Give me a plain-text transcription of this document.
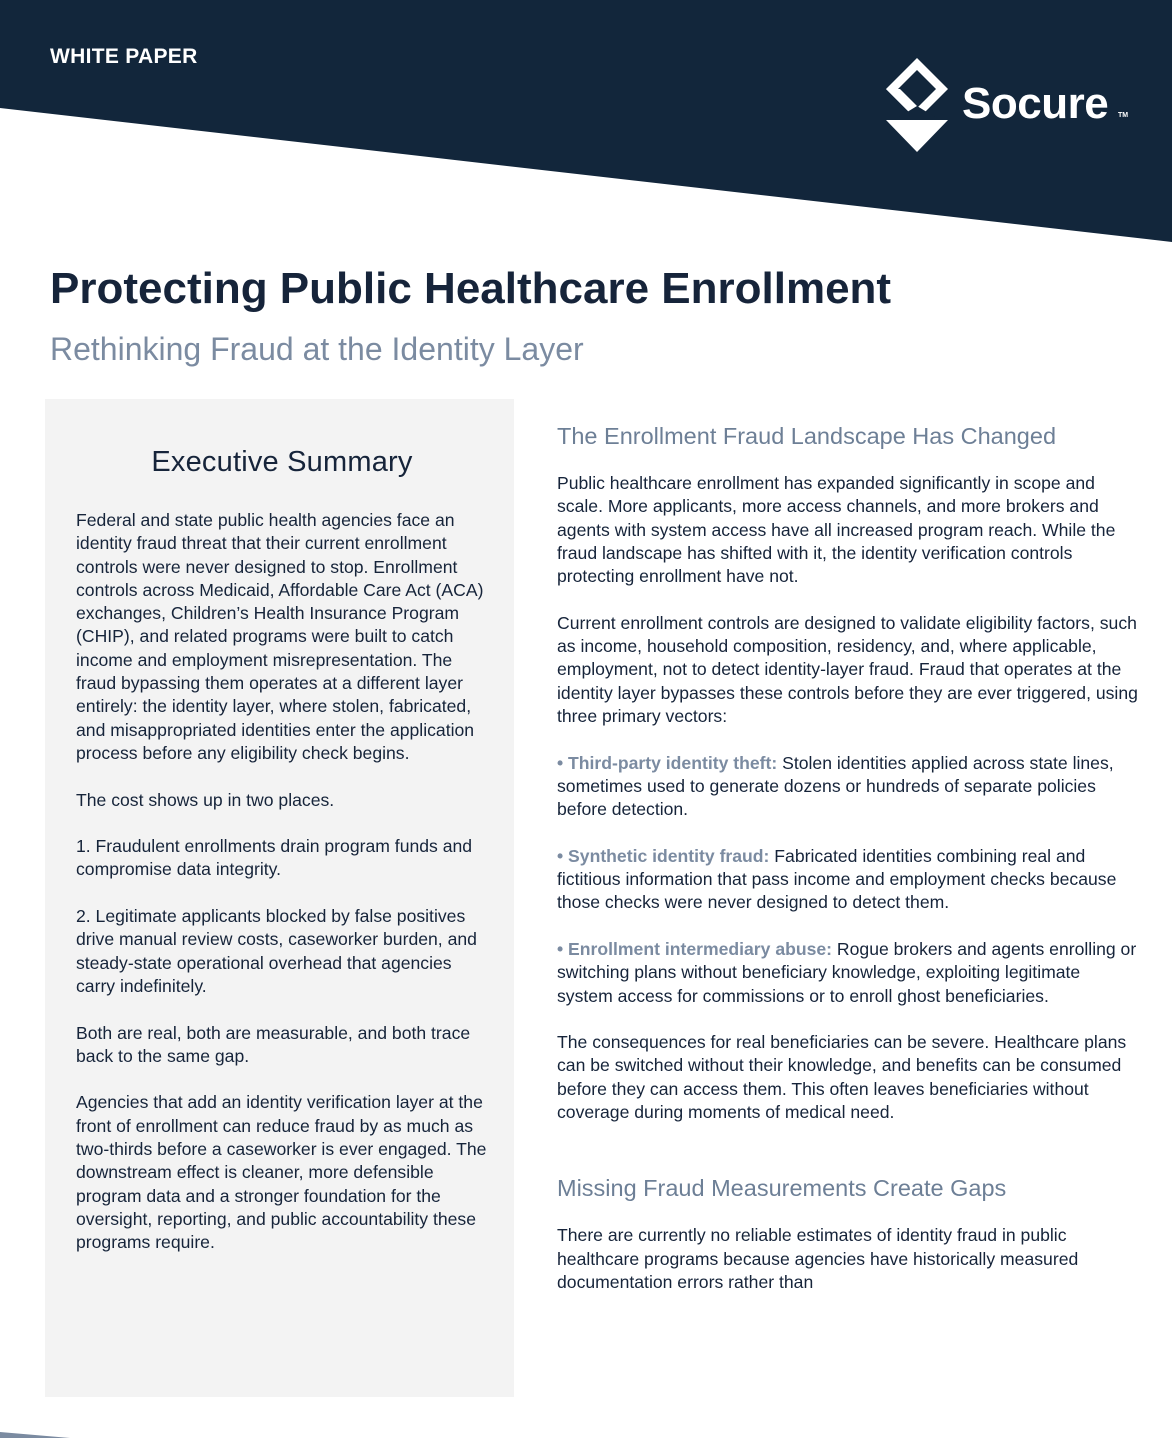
WHITE PAPER
Socure TM
Protecting Public Healthcare Enrollment
Rethinking Fraud at the Identity Layer
Executive Summary

Federal and state public health agencies face an identity fraud threat that their current enrollment controls were never designed to stop. Enrollment controls across Medicaid, Affordable Care Act (ACA) exchanges, Children’s Health Insurance Program (CHIP), and related programs were built to catch income and employment misrepresentation. The fraud bypassing them operates at a different layer entirely: the identity layer, where stolen, fabricated, and misappropriated identities enter the application process before any eligibility check begins.

The cost shows up in two places.

1. Fraudulent enrollments drain program funds and compromise data integrity.

2. Legitimate applicants blocked by false positives drive manual review costs, caseworker burden, and steady-state operational overhead that agencies carry indefinitely.

Both are real, both are measurable, and both trace back to the same gap.

Agencies that add an identity verification layer at the front of enrollment can reduce fraud by as much as two-thirds before a caseworker is ever engaged. The downstream effect is cleaner, more defensible program data and a stronger foundation for the oversight, reporting, and public accountability these programs require.

The Enrollment Fraud Landscape Has Changed

Public healthcare enrollment has expanded significantly in scope and scale. More applicants, more access channels, and more brokers and agents with system access have all increased program reach. While the fraud landscape has shifted with it, the identity verification controls protecting enrollment have not.

Current enrollment controls are designed to validate eligibility factors, such as income, household composition, residency, and, where applicable, employment, not to detect identity-layer fraud. Fraud that operates at the identity layer bypasses these controls before they are ever triggered, using three primary vectors:

• Third-party identity theft: Stolen identities applied across state lines, sometimes used to generate dozens or hundreds of separate policies before detection.

• Synthetic identity fraud: Fabricated identities combining real and fictitious information that pass income and employment checks because those checks were never designed to detect them.

• Enrollment intermediary abuse: Rogue brokers and agents enrolling or switching plans without beneficiary knowledge, exploiting legitimate system access for commissions or to enroll ghost beneficiaries.

The consequences for real beneficiaries can be severe. Healthcare plans can be switched without their knowledge, and benefits can be consumed before they can access them. This often leaves beneficiaries without coverage during moments of medical need.

Missing Fraud Measurements Create Gaps

There are currently no reliable estimates of identity fraud in public healthcare programs because agencies have historically measured documentation errors rather than
